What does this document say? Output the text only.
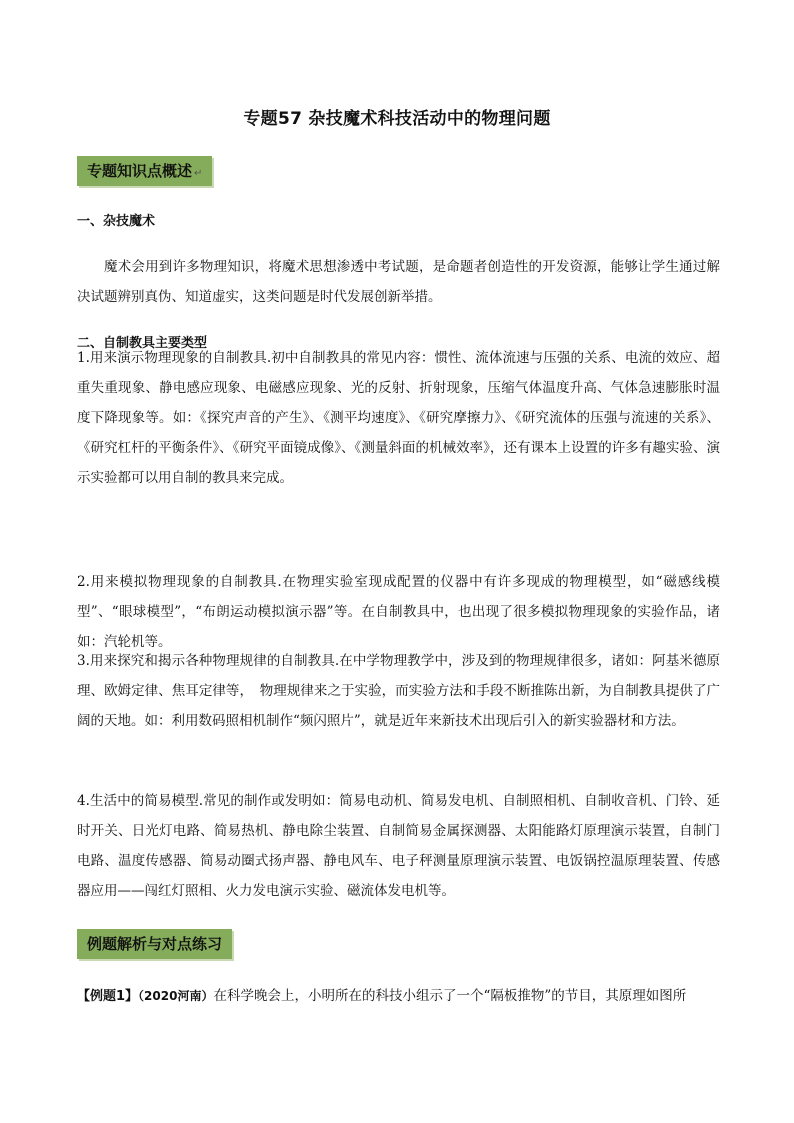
专题57 杂技魔术科技活动中的物理问题
专题知识点概述 ↵
一、杂技魔术

魔术会用到许多物理知识，将魔术思想渗透中考试题，是命题者创造性的开发资源，能够让学生通过解决试题辨别真伪、知道虚实，这类问题是时代发展创新举措。

二、自制教具主要类型

1.用来演示物理现象的自制教具.初中自制教具的常见内容：惯性、流体流速与压强的关系、电流的效应、超重失重现象、静电感应现象、电磁感应现象、光的反射、折射现象，压缩气体温度升高、气体急速膨胀时温度下降现象等。如：《探究声音的产生》、《测平均速度》、《研究摩擦力》、《研究流体的压强与流速的关系》、《研究杠杆的平衡条件》、《研究平面镜成像》、《测量斜面的机械效率》，还有课本上设置的许多有趣实验、演示实验都可以用自制的教具来完成。

2.用来模拟物理现象的自制教具.在物理实验室现成配置的仪器中有许多现成的物理模型，如“磁感线模型”、“眼球模型”，“布朗运动模拟演示器”等。在自制教具中，也出现了很多模拟物理现象的实验作品，诸如：汽轮机等。

3.用来探究和揭示各种物理规律的自制教具.在中学物理教学中，涉及到的物理规律很多，诸如：阿基米德原理、欧姆定律、焦耳定律等，　物理规律来之于实验，而实验方法和手段不断推陈出新，为自制教具提供了广阔的天地。如：利用数码照相机制作“频闪照片”，就是近年来新技术出现后引入的新实验器材和方法。

4.生活中的简易模型.常见的制作或发明如：简易电动机、简易发电机、自制照相机、自制收音机、门铃、延时开关、日光灯电路、简易热机、静电除尘装置、自制简易金属探测器、太阳能路灯原理演示装置，自制门电路、温度传感器、简易动圈式扬声器、静电风车、电子秤测量原理演示装置、电饭锅控温原理装置、传感器应用——闯红灯照相、火力发电演示实验、磁流体发电机等。

例题解析与对点练习

【例题1】（2020河南）在科学晚会上，小明所在的科技小组示了一个“隔板推物”的节目，其原理如图所
